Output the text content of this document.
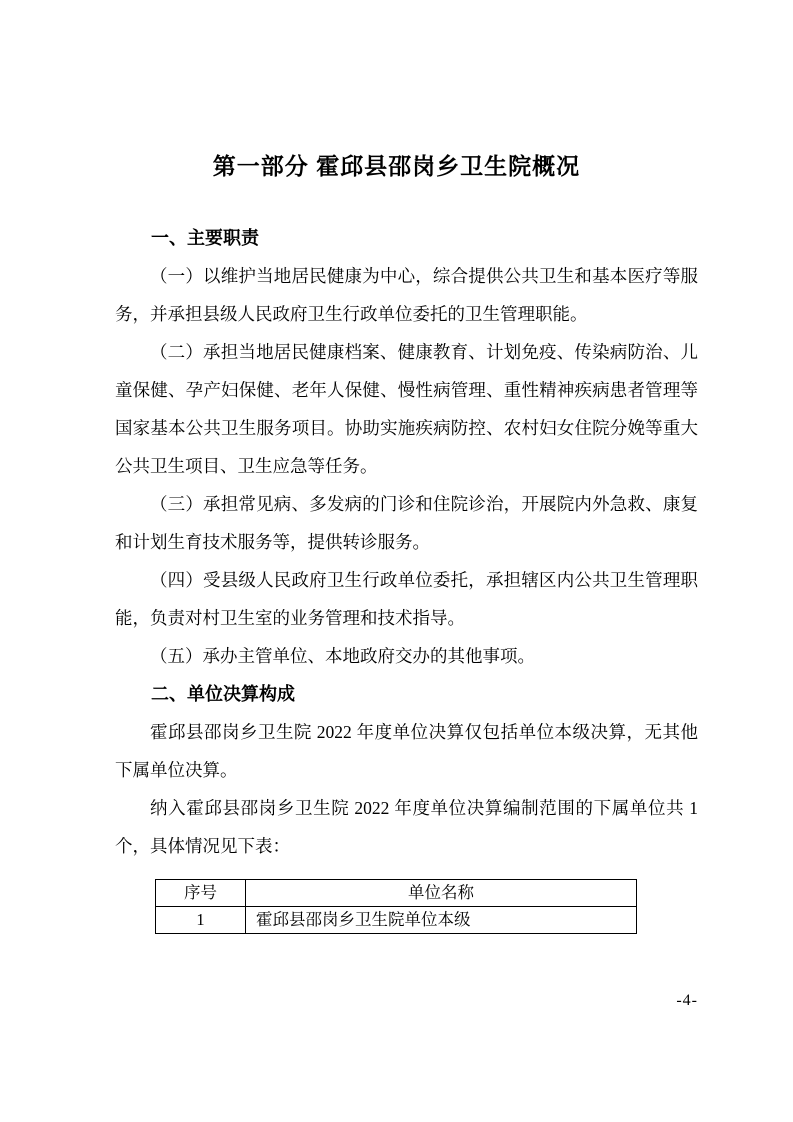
第一部分 霍邱县邵岗乡卫生院概况
一、主要职责

（一）以维护当地居民健康为中心，综合提供公共卫生和基本医疗等服务，并承担县级人民政府卫生行政单位委托的卫生管理职能。

（二）承担当地居民健康档案、健康教育、计划免疫、传染病防治、儿童保健、孕产妇保健、老年人保健、慢性病管理、重性精神疾病患者管理等国家基本公共卫生服务项目。协助实施疾病防控、农村妇女住院分娩等重大公共卫生项目、卫生应急等任务。

（三）承担常见病、多发病的门诊和住院诊治，开展院内外急救、康复和计划生育技术服务等，提供转诊服务。

（四）受县级人民政府卫生行政单位委托，承担辖区内公共卫生管理职能，负责对村卫生室的业务管理和技术指导。

（五）承办主管单位、本地政府交办的其他事项。

二、单位决算构成

霍邱县邵岗乡卫生院 2022 年度单位决算仅包括单位本级决算，无其他下属单位决算。

纳入霍邱县邵岗乡卫生院 2022 年度单位决算编制范围的下属单位共 1 个，具体情况见下表：

序号	单位名称
1	霍邱县邵岗乡卫生院单位本级
-4-
